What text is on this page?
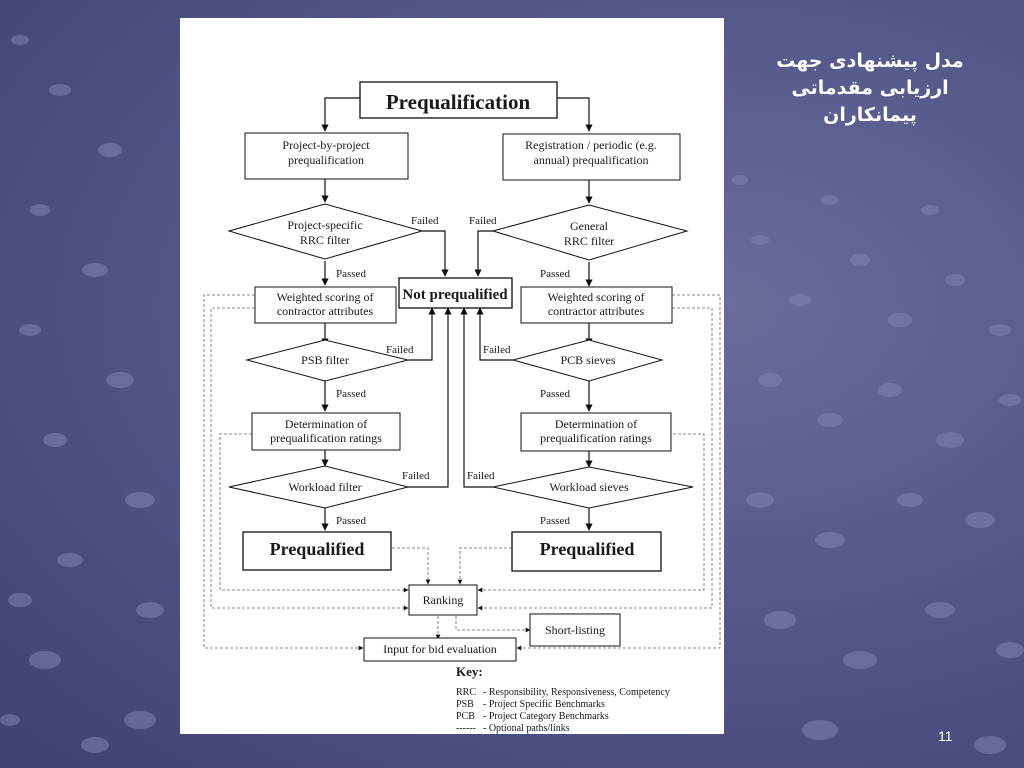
مدل پیشنهادی جهت
ارزیابی مقدماتی
پیمانکاران
11
Prequalification
Project-by-project
prequalification
Project-specific
RRC filter
Weighted scoring of
contractor attributes
PSB filter
Determination of
prequalification ratings
Workload filter
Prequalified
Registration / periodic (e.g.
annual) prequalification
General
RRC filter
Weighted scoring of
contractor attributes
PCB sieves
Determination of
prequalification ratings
Workload sieves
Prequalified
Not prequalified
Failed	Failed
Failed	Failed
Failed	Failed
Passed	Passed
Passed	Passed
Passed	Passed
Ranking
Short-listing
Input for bid evaluation
Key:
RRC - Responsibility, Responsiveness, Competency
PSB - Project Specific Benchmarks
PCB - Project Category Benchmarks
------ - Optional paths/links
